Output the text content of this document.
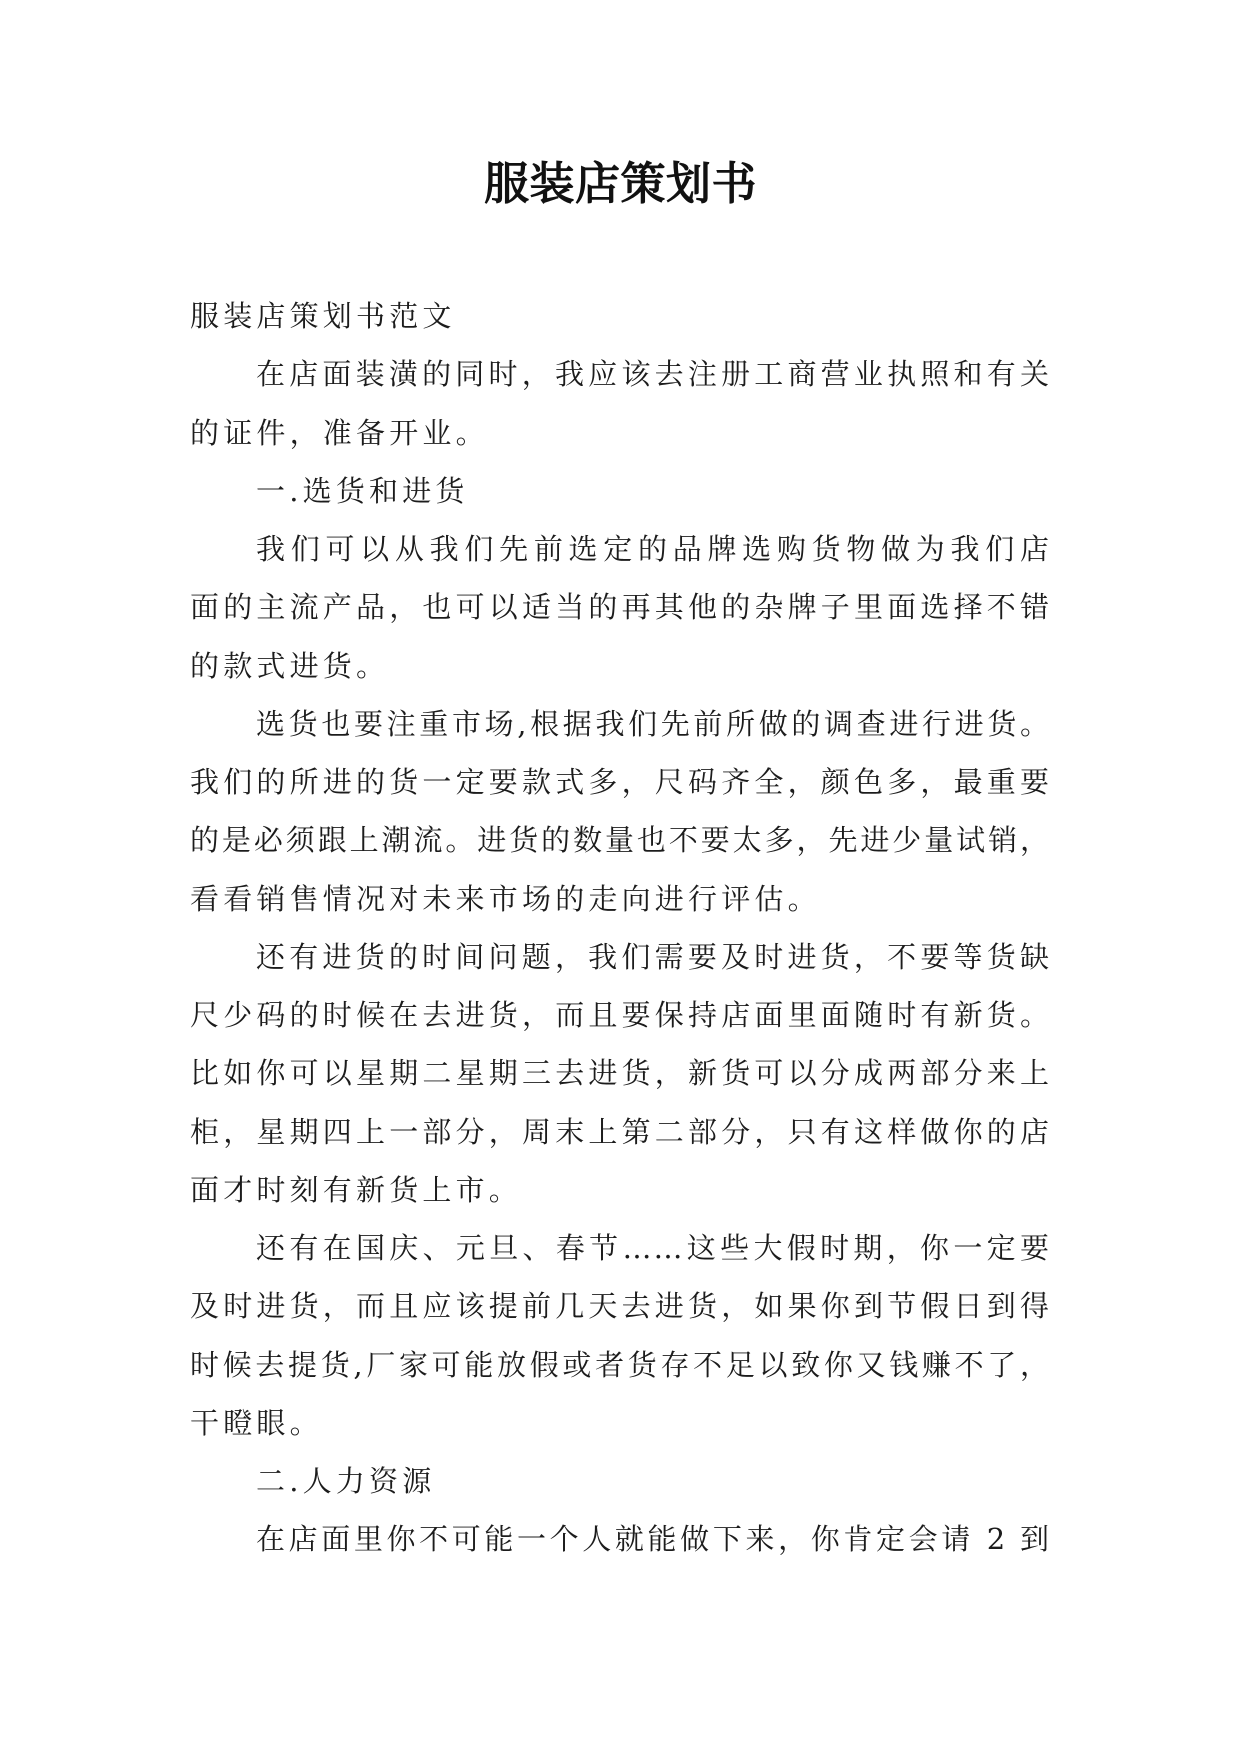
服装店策划书
服装店策划书范文
在店面装潢的同时，我应该去注册工商营业执照和有关
的证件，准备开业。
一.选货和进货
我们可以从我们先前选定的品牌选购货物做为我们店
面的主流产品，也可以适当的再其他的杂牌子里面选择不错
的款式进货。
选货也要注重市场,根据我们先前所做的调查进行进货。
我们的所进的货一定要款式多，尺码齐全，颜色多，最重要
的是必须跟上潮流。进货的数量也不要太多，先进少量试销，
看看销售情况对未来市场的走向进行评估。
还有进货的时间问题，我们需要及时进货，不要等货缺
尺少码的时候在去进货，而且要保持店面里面随时有新货。
比如你可以星期二星期三去进货，新货可以分成两部分来上
柜，星期四上一部分，周末上第二部分，只有这样做你的店
面才时刻有新货上市。
还有在国庆、元旦、春节……这些大假时期，你一定要
及时进货，而且应该提前几天去进货，如果你到节假日到得
时候去提货,厂家可能放假或者货存不足以致你又钱赚不了，
干瞪眼。
二.人力资源
在店面里你不可能一个人就能做下来，你肯定会请 2 到
